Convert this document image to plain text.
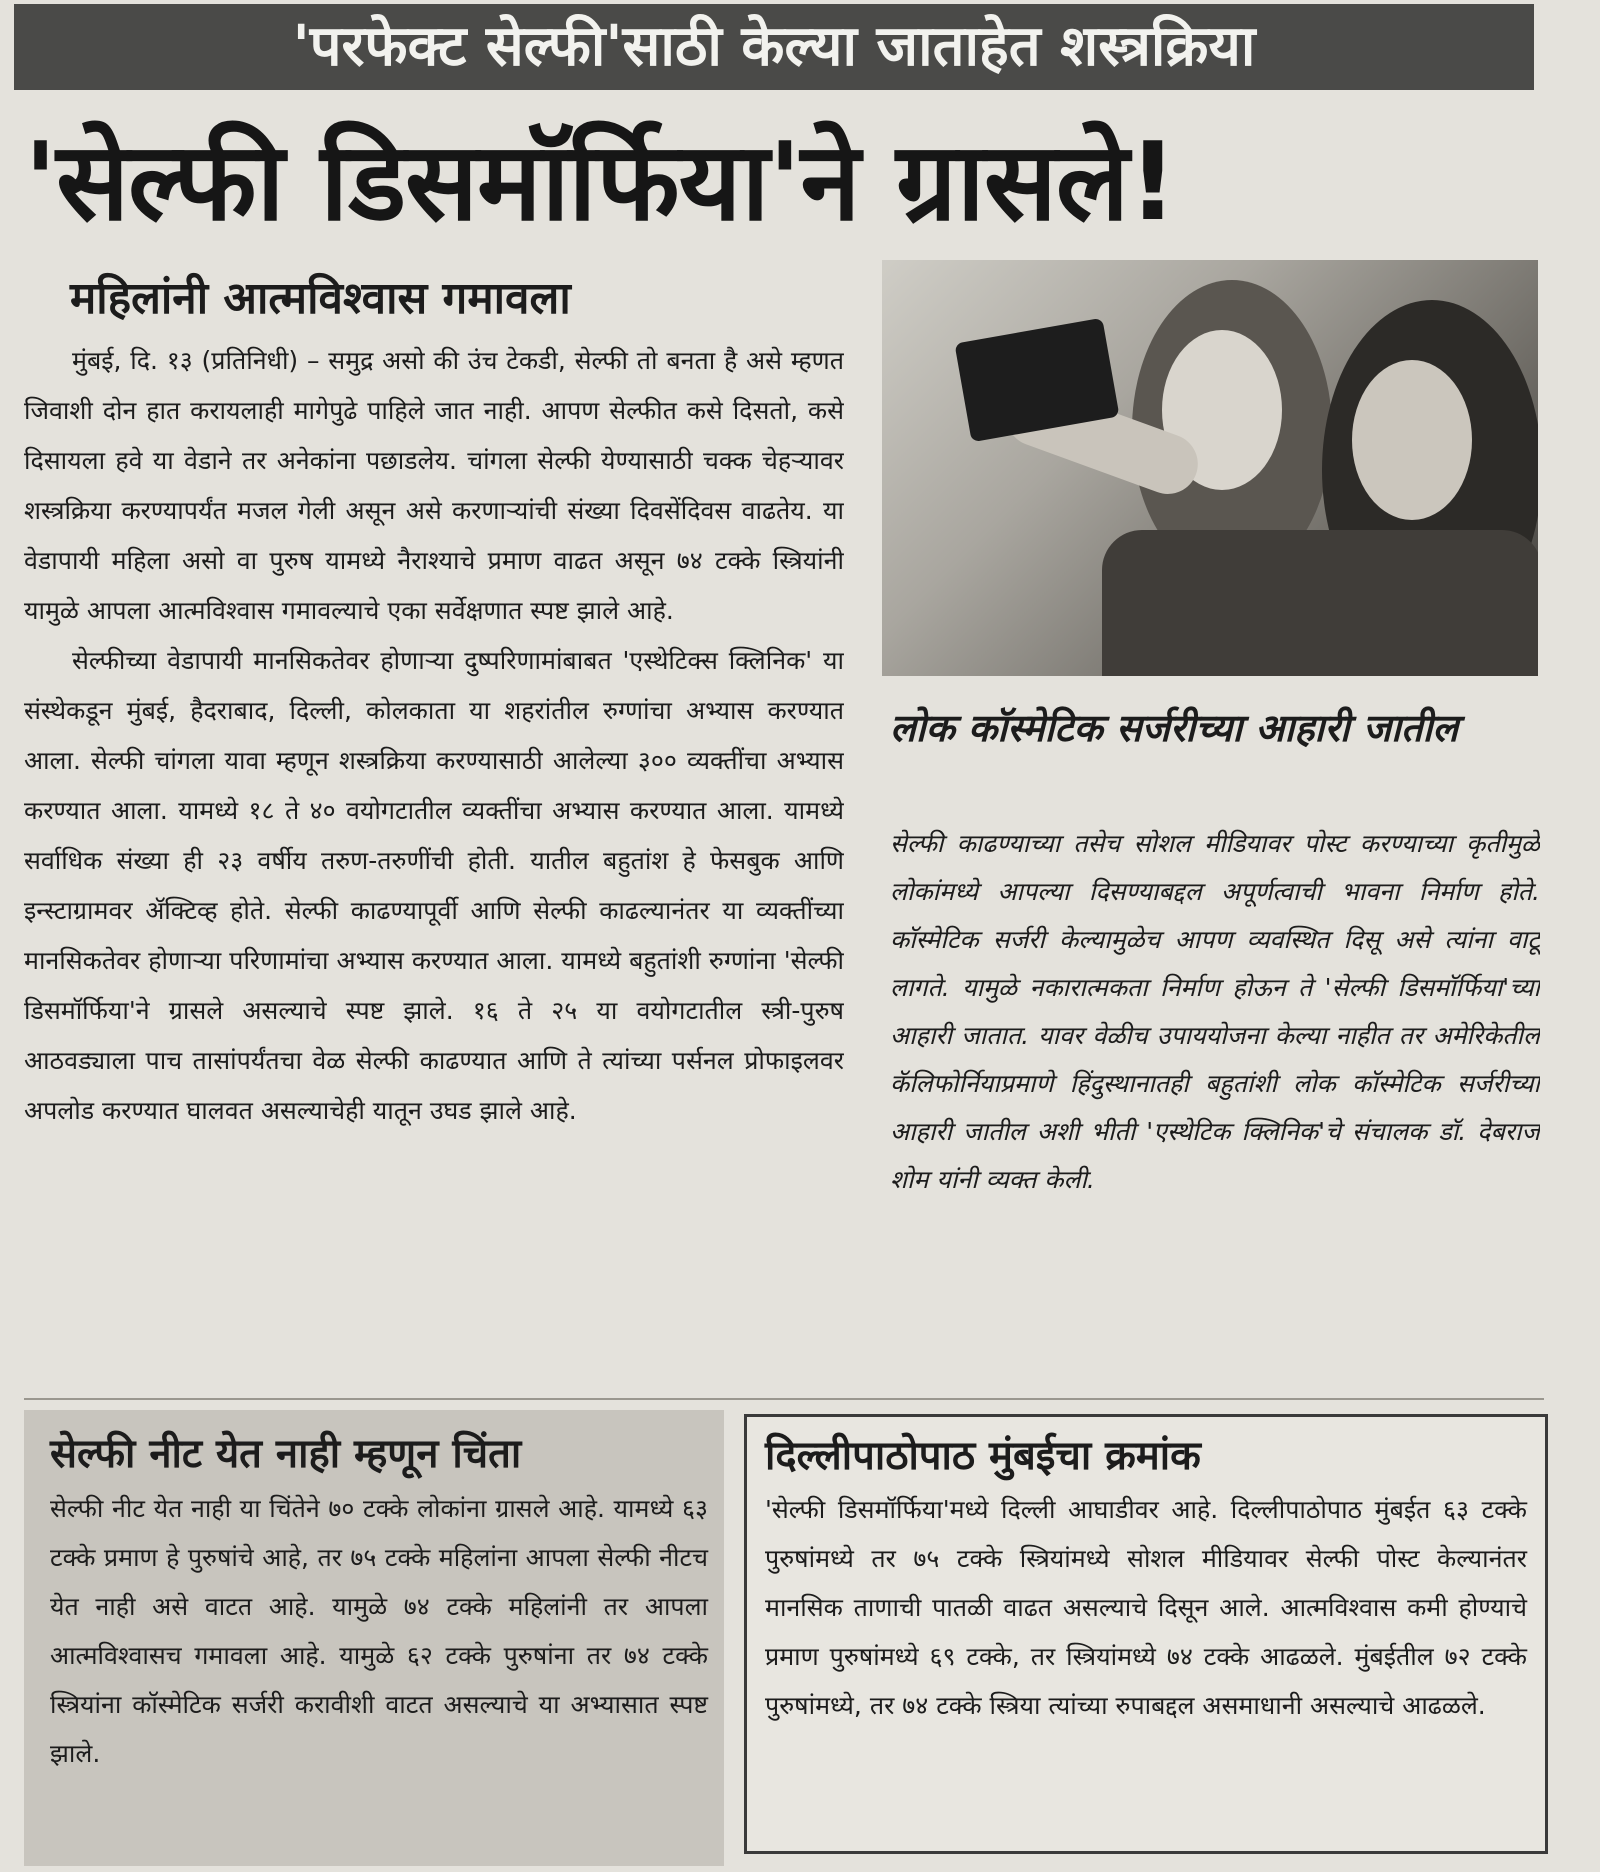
'परफेक्ट सेल्फी'साठी केल्या जाताहेत शस्त्रक्रिया
'सेल्फी डिसमॉर्फिया'ने ग्रासले!
महिलांनी आत्मविश्वास गमावला

मुंबई, दि. १३ (प्रतिनिधी) – समुद्र असो की उंच टेकडी, सेल्फी तो बनता है असे म्हणत जिवाशी दोन हात करायलाही मागेपुढे पाहिले जात नाही. आपण सेल्फीत कसे दिसतो, कसे दिसायला हवे या वेडाने तर अनेकांना पछाडलेय. चांगला सेल्फी येण्यासाठी चक्क चेहऱ्यावर शस्त्रक्रिया करण्यापर्यंत मजल गेली असून असे करणाऱ्यांची संख्या दिवसेंदिवस वाढतेय. या वेडापायी महिला असो वा पुरुष यामध्ये नैराश्याचे प्रमाण वाढत असून ७४ टक्के स्त्रियांनी यामुळे आपला आत्मविश्वास गमावल्याचे एका सर्वेक्षणात स्पष्ट झाले आहे.

सेल्फीच्या वेडापायी मानसिकतेवर होणाऱ्या दुष्परिणामांबाबत 'एस्थेटिक्स क्लिनिक' या संस्थेकडून मुंबई, हैदराबाद, दिल्ली, कोलकाता या शहरांतील रुग्णांचा अभ्यास करण्यात आला. सेल्फी चांगला यावा म्हणून शस्त्रक्रिया करण्यासाठी आलेल्या ३०० व्यक्तींचा अभ्यास करण्यात आला. यामध्ये १८ ते ४० वयोगटातील व्यक्तींचा अभ्यास करण्यात आला. यामध्ये सर्वाधिक संख्या ही २३ वर्षीय तरुण-तरुणींची होती. यातील बहुतांश हे फेसबुक आणि इन्स्टाग्रामवर ॲक्टिव्ह होते. सेल्फी काढण्यापूर्वी आणि सेल्फी काढल्यानंतर या व्यक्तींच्या मानसिकतेवर होणाऱ्या परिणामांचा अभ्यास करण्यात आला. यामध्ये बहुतांशी रुग्णांना 'सेल्फी डिसमॉर्फिया'ने ग्रासले असल्याचे स्पष्ट झाले. १६ ते २५ या वयोगटातील स्त्री-पुरुष आठवड्याला पाच तासांपर्यंतचा वेळ सेल्फी काढण्यात आणि ते त्यांच्या पर्सनल प्रोफाइलवर अपलोड करण्यात घालवत असल्याचेही यातून उघड झाले आहे.

लोक कॉस्मेटिक सर्जरीच्या आहारी जातील

सेल्फी काढण्याच्या तसेच सोशल मीडियावर पोस्ट करण्याच्या कृतीमुळे लोकांमध्ये आपल्या दिसण्याबद्दल अपूर्णत्वाची भावना निर्माण होते. कॉस्मेटिक सर्जरी केल्यामुळेच आपण व्यवस्थित दिसू असे त्यांना वाटू लागते. यामुळे नकारात्मकता निर्माण होऊन ते 'सेल्फी डिसमॉर्फिया'च्या आहारी जातात. यावर वेळीच उपाययोजना केल्या नाहीत तर अमेरिकेतील कॅलिफोर्नियाप्रमाणे हिंदुस्थानातही बहुतांशी लोक कॉस्मेटिक सर्जरीच्या आहारी जातील अशी भीती 'एस्थेटिक क्लिनिक'चे संचालक डॉ. देबराज शोम यांनी व्यक्त केली.

सेल्फी नीट येत नाही म्हणून चिंता

सेल्फी नीट येत नाही या चिंतेने ७० टक्के लोकांना ग्रासले आहे. यामध्ये ६३ टक्के प्रमाण हे पुरुषांचे आहे, तर ७५ टक्के महिलांना आपला सेल्फी नीटच येत नाही असे वाटत आहे. यामुळे ७४ टक्के महिलांनी तर आपला आत्मविश्वासच गमावला आहे. यामुळे ६२ टक्के पुरुषांना तर ७४ टक्के स्त्रियांना कॉस्मेटिक सर्जरी करावीशी वाटत असल्याचे या अभ्यासात स्पष्ट झाले.

दिल्लीपाठोपाठ मुंबईचा क्रमांक

'सेल्फी डिसमॉर्फिया'मध्ये दिल्ली आघाडीवर आहे. दिल्लीपाठोपाठ मुंबईत ६३ टक्के पुरुषांमध्ये तर ७५ टक्के स्त्रियांमध्ये सोशल मीडियावर सेल्फी पोस्ट केल्यानंतर मानसिक ताणाची पातळी वाढत असल्याचे दिसून आले. आत्मविश्वास कमी होण्याचे प्रमाण पुरुषांमध्ये ६९ टक्के, तर स्त्रियांमध्ये ७४ टक्के आढळले. मुंबईतील ७२ टक्के पुरुषांमध्ये, तर ७४ टक्के स्त्रिया त्यांच्या रुपाबद्दल असमाधानी असल्याचे आढळले.
